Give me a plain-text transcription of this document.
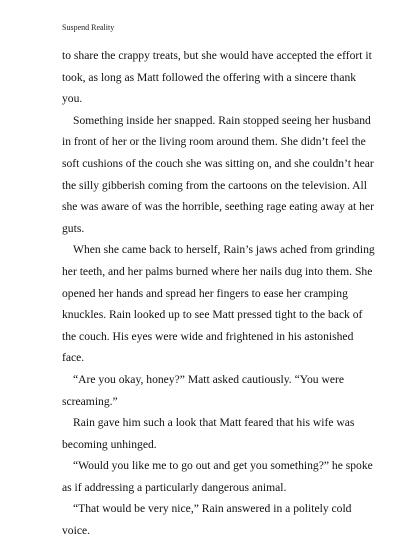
Suspend Reality
to share the crappy treats, but she would have accepted the effort it
took, as long as Matt followed the offering with a sincere thank
you.
Something inside her snapped. Rain stopped seeing her husband
in front of her or the living room around them. She didn’t feel the
soft cushions of the couch she was sitting on, and she couldn’t hear
the silly gibberish coming from the cartoons on the television. All
she was aware of was the horrible, seething rage eating away at her
guts.
When she came back to herself, Rain’s jaws ached from grinding
her teeth, and her palms burned where her nails dug into them. She
opened her hands and spread her fingers to ease her cramping
knuckles. Rain looked up to see Matt pressed tight to the back of
the couch. His eyes were wide and frightened in his astonished
face.
“Are you okay, honey?” Matt asked cautiously. “You were
screaming.”
Rain gave him such a look that Matt feared that his wife was
becoming unhinged.
“Would you like me to go out and get you something?” he spoke
as if addressing a particularly dangerous animal.
“That would be very nice,” Rain answered in a politely cold
voice.
